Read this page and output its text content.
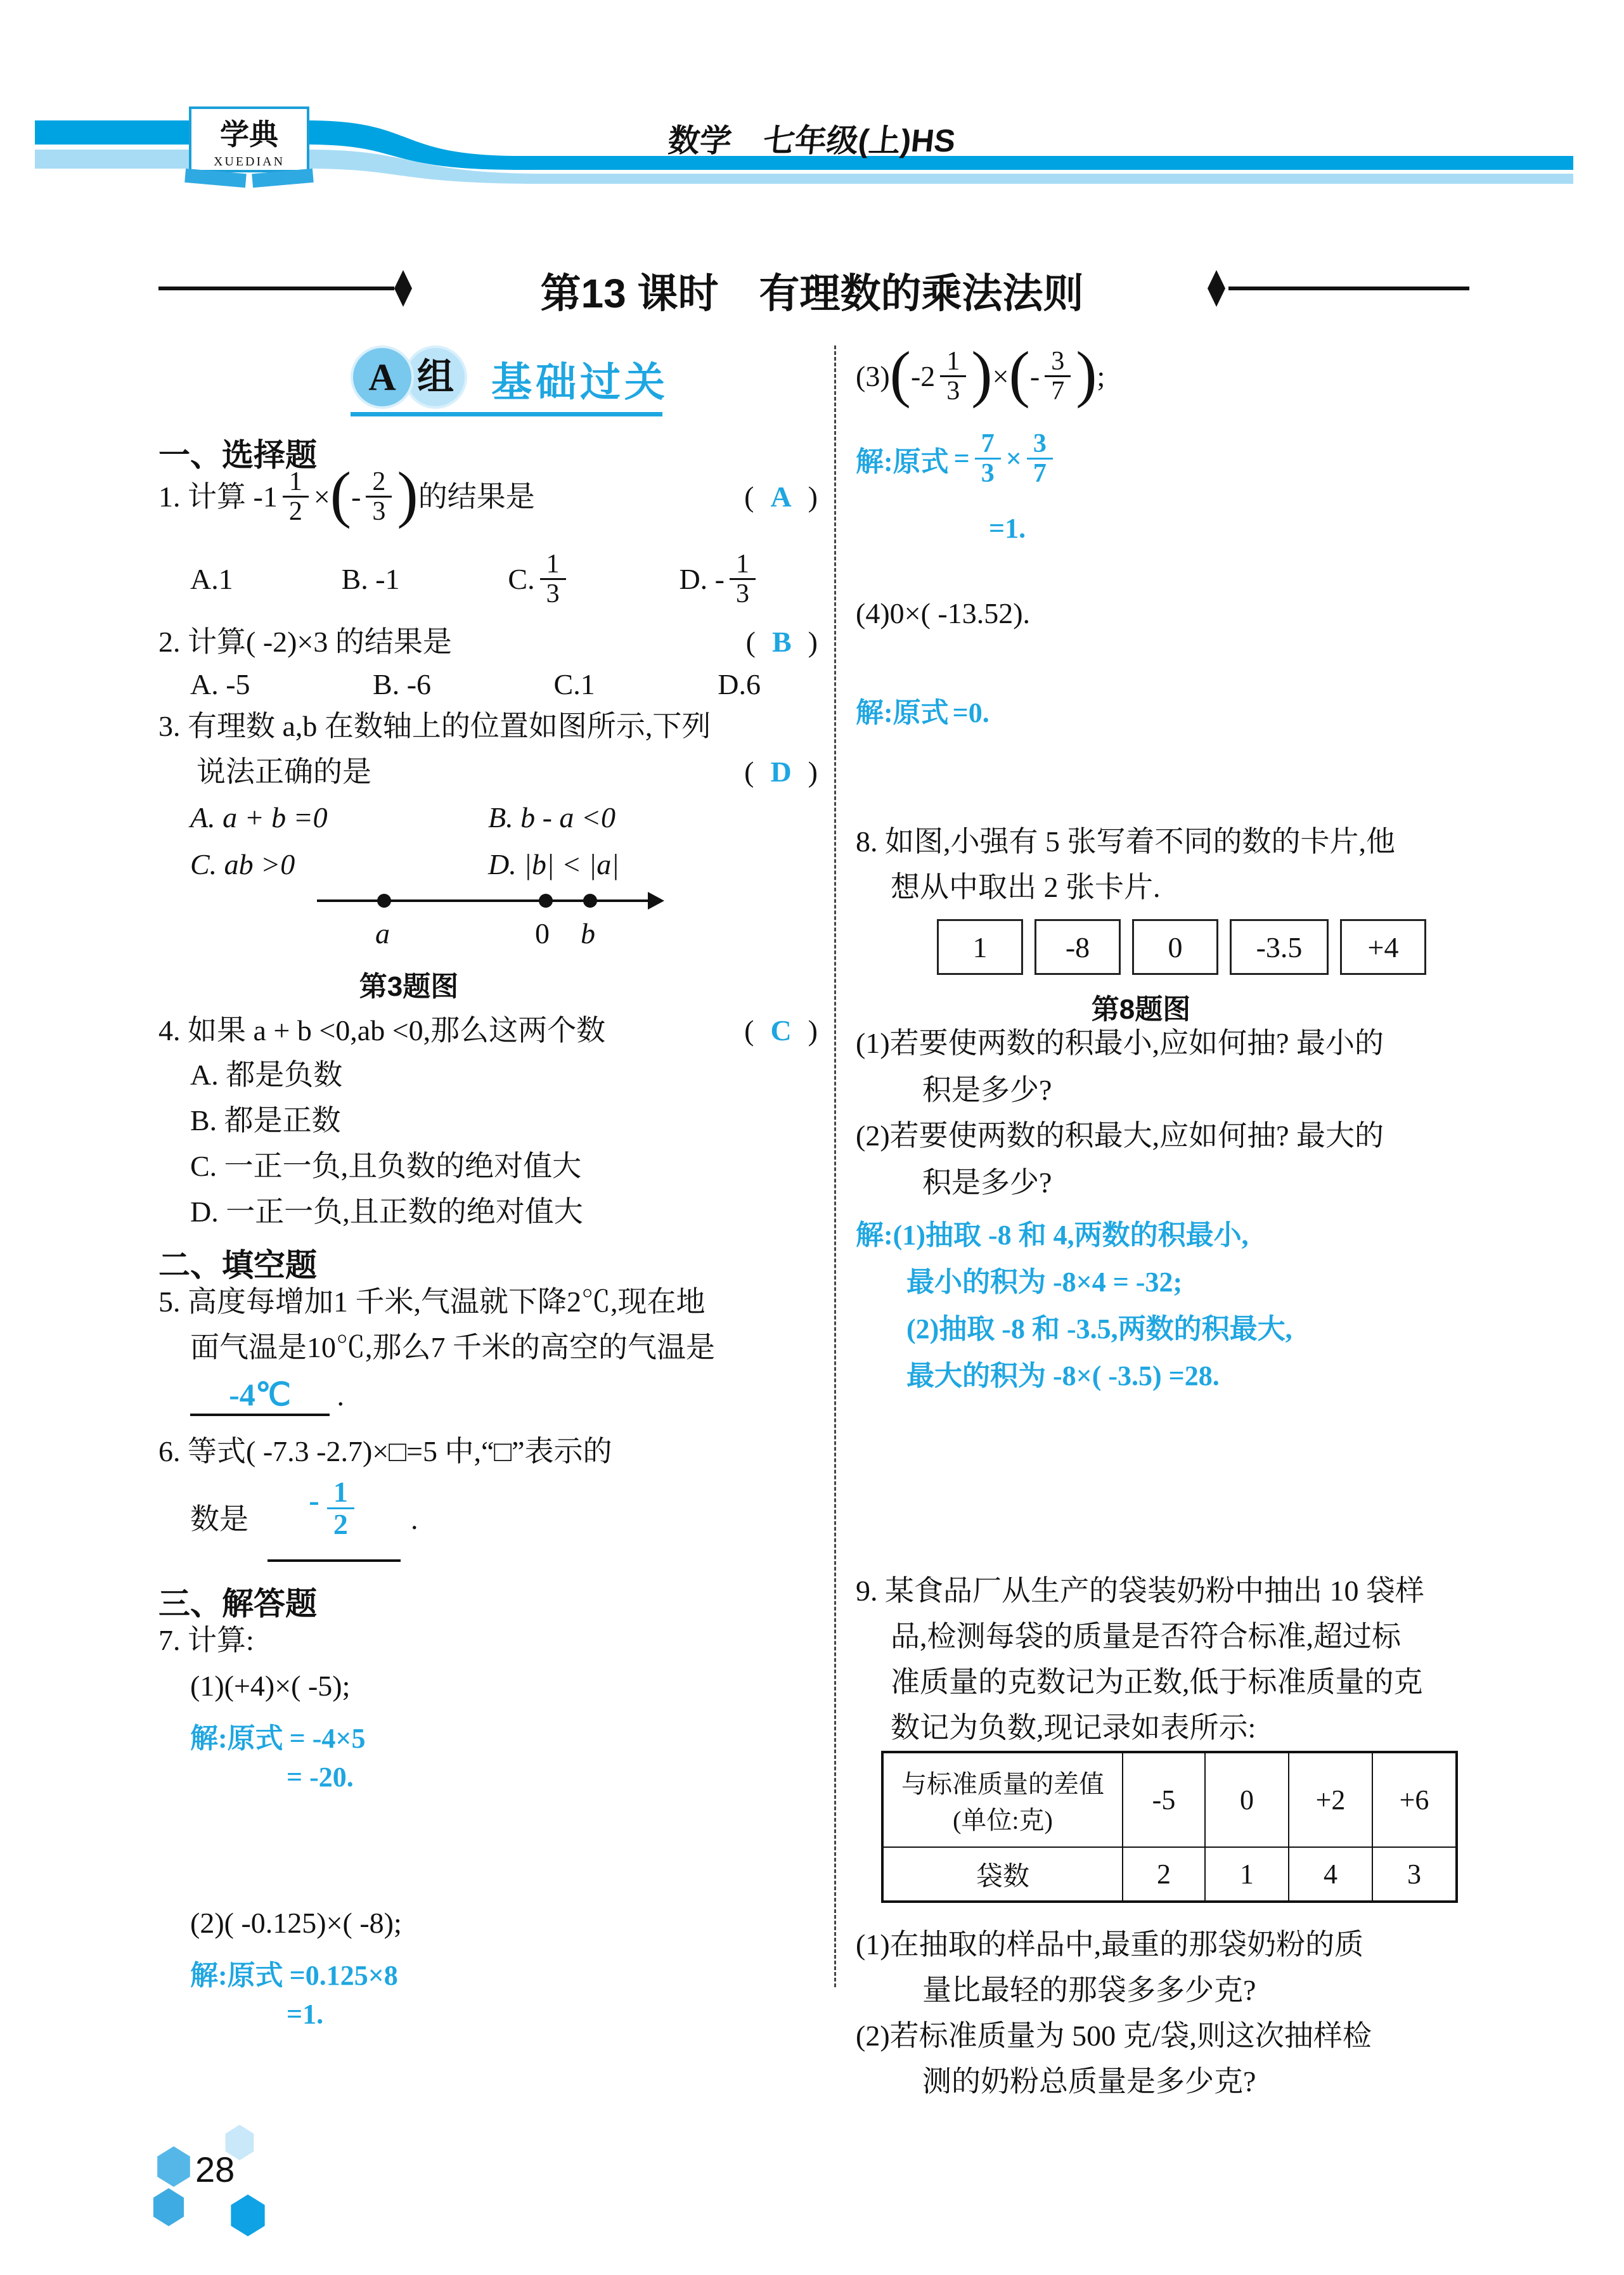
学典
XUEDIAN
数学　七年级(上)HS
第13 课时　有理数的乘法法则
组
A	基础过关
一、选择题
1. 计算 $-1 \frac{1}{2}$ × ( - $\frac{2}{3}$ ) 的结果是	( A )
A.1	B. -1	C. $\frac{1}{3}$	D. - $\frac{1}{3}$
2. 计算( -2)×3 的结果是	( B )
A. -5	B. -6	C.1	D.6
3. 有理数 a,b 在数轴上的位置如图所示,下列
说法正确的是	( D )
A. a + b =0	B. b - a <0
C. ab >0	D. |b| < |a|
a	0 b
第3题图
4. 如果 a + b <0,ab <0,那么这两个数	( C )
A. 都是负数
B. 都是正数
C. 一正一负,且负数的绝对值大
D. 一正一负,且正数的绝对值大
二、填空题
5. 高度每增加1 千米,气温就下降2℃,现在地
面气温是10℃,那么7 千米的高空的气温是
-4℃ .
6. 等式( -7.3 -2.7)×□=5 中,“□”表示的
数是
- $\frac{1}{2}$ .
三、解答题
7. 计算:
(1)(+4)×( -5);
解:原式 = -4×5
= -20.
(2)( -0.125)×( -8);
解:原式 =0.125×8
=1.
(3) ( $-2 \frac{1}{3}$ ) × ( - $\frac{3}{7}$ ) ;
解:原式 = $\frac{7}{3} \times \frac{3}{7}$
=1.
(4)0×( -13.52).
解:原式 =0.
8. 如图,小强有 5 张写着不同的数的卡片,他
想从中取出 2 张卡片.
1	-8	0	-3.5	+4
第8题图
(1)若要使两数的积最小,应如何抽? 最小的
积是多少?
(2)若要使两数的积最大,应如何抽? 最大的
积是多少?
解:(1)抽取 -8 和 4,两数的积最小,
最小的积为 -8×4 = -32;
(2)抽取 -8 和 -3.5,两数的积最大,
最大的积为 -8×( -3.5) =28.
9. 某食品厂从生产的袋装奶粉中抽出 10 袋样
品,检测每袋的质量是否符合标准,超过标
准质量的克数记为正数,低于标准质量的克
数记为负数,现记录如表所示:
与标准质量的差值
(单位:克)	-5	0	+2	+6
袋数	2	1	4	3
(1)在抽取的样品中,最重的那袋奶粉的质
量比最轻的那袋多多少克?
(2)若标准质量为 500 克/袋,则这次抽样检
测的奶粉总质量是多少克?
28
